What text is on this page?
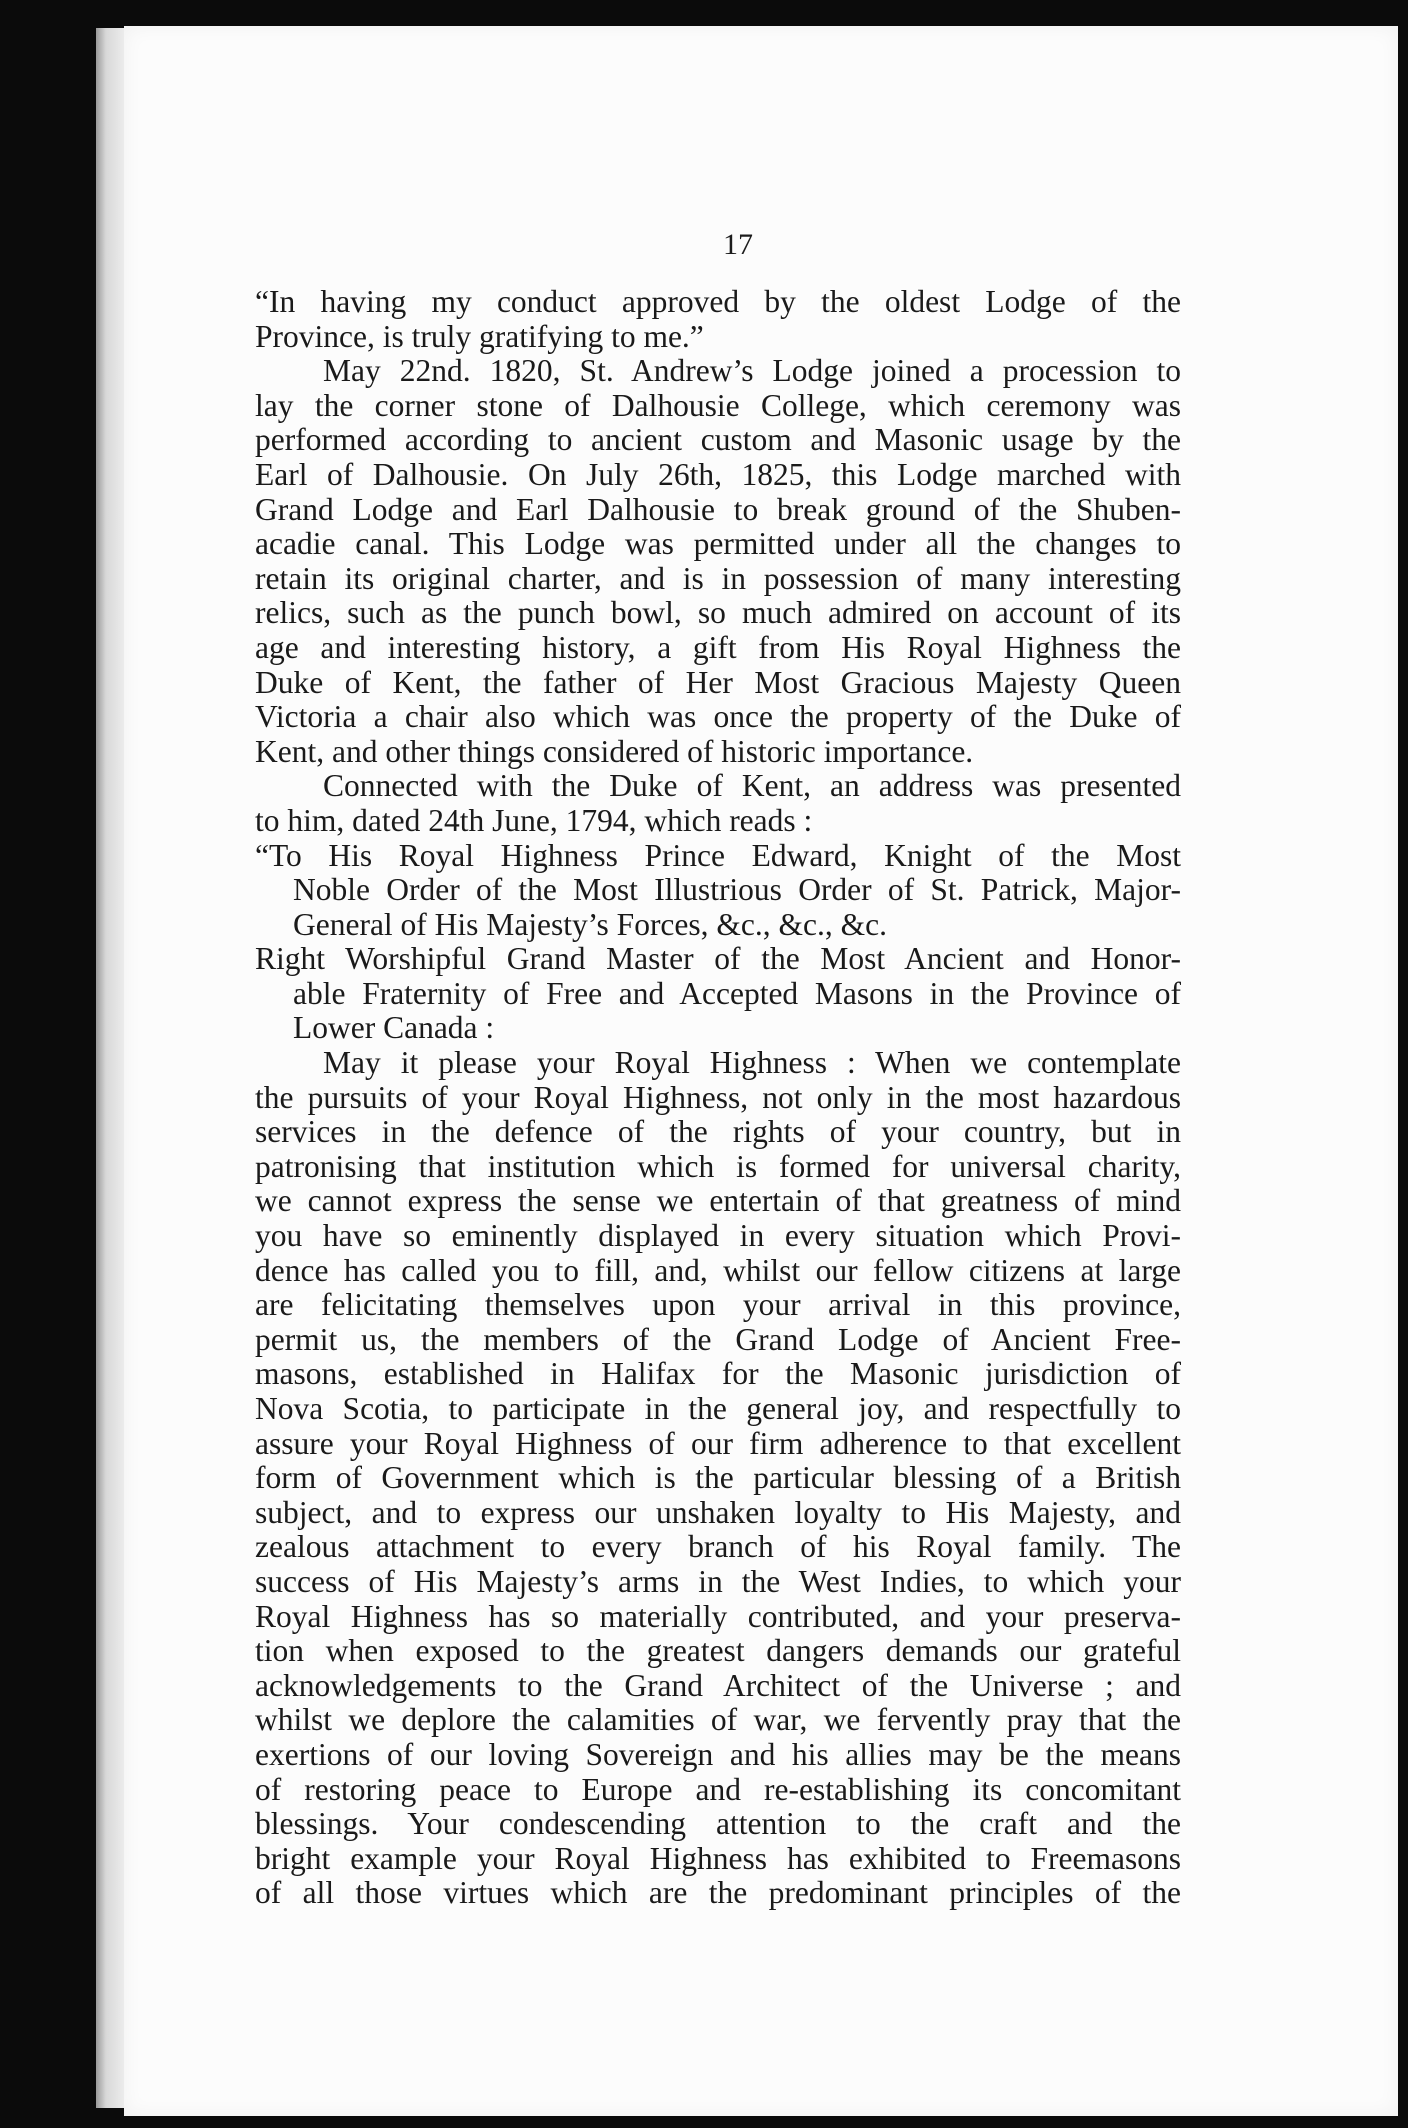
17
“In having my conduct approved by the oldest Lodge of the
Province, is truly gratifying to me.”
May 22nd. 1820, St. Andrew’s Lodge joined a procession to
lay the corner stone of Dalhousie College, which ceremony was
performed according to ancient custom and Masonic usage by the
Earl of Dalhousie. On July 26th, 1825, this Lodge marched with
Grand Lodge and Earl Dalhousie to break ground of the Shuben-
acadie canal. This Lodge was permitted under all the changes to
retain its original charter, and is in possession of many interesting
relics, such as the punch bowl, so much admired on account of its
age and interesting history, a gift from His Royal Highness the
Duke of Kent, the father of Her Most Gracious Majesty Queen
Victoria a chair also which was once the property of the Duke of
Kent, and other things considered of historic importance.
Connected with the Duke of Kent, an address was presented
to him, dated 24th June, 1794, which reads :
“To His Royal Highness Prince Edward, Knight of the Most
Noble Order of the Most Illustrious Order of St. Patrick, Major-
General of His Majesty’s Forces, &c., &c., &c.
Right Worshipful Grand Master of the Most Ancient and Honor-
able Fraternity of Free and Accepted Masons in the Province of
Lower Canada :
May it please your Royal Highness : When we contemplate
the pursuits of your Royal Highness, not only in the most hazardous
services in the defence of the rights of your country, but in
patronising that institution which is formed for universal charity,
we cannot express the sense we entertain of that greatness of mind
you have so eminently displayed in every situation which Provi-
dence has called you to fill, and, whilst our fellow citizens at large
are felicitating themselves upon your arrival in this province,
permit us, the members of the Grand Lodge of Ancient Free-
masons, established in Halifax for the Masonic jurisdiction of
Nova Scotia, to participate in the general joy, and respectfully to
assure your Royal Highness of our firm adherence to that excellent
form of Government which is the particular blessing of a British
subject, and to express our unshaken loyalty to His Majesty, and
zealous attachment to every branch of his Royal family. The
success of His Majesty’s arms in the West Indies, to which your
Royal Highness has so materially contributed, and your preserva-
tion when exposed to the greatest dangers demands our grateful
acknowledgements to the Grand Architect of the Universe ; and
whilst we deplore the calamities of war, we fervently pray that the
exertions of our loving Sovereign and his allies may be the means
of restoring peace to Europe and re-establishing its concomitant
blessings. Your condescending attention to the craft and the
bright example your Royal Highness has exhibited to Freemasons
of all those virtues which are the predominant principles of the
